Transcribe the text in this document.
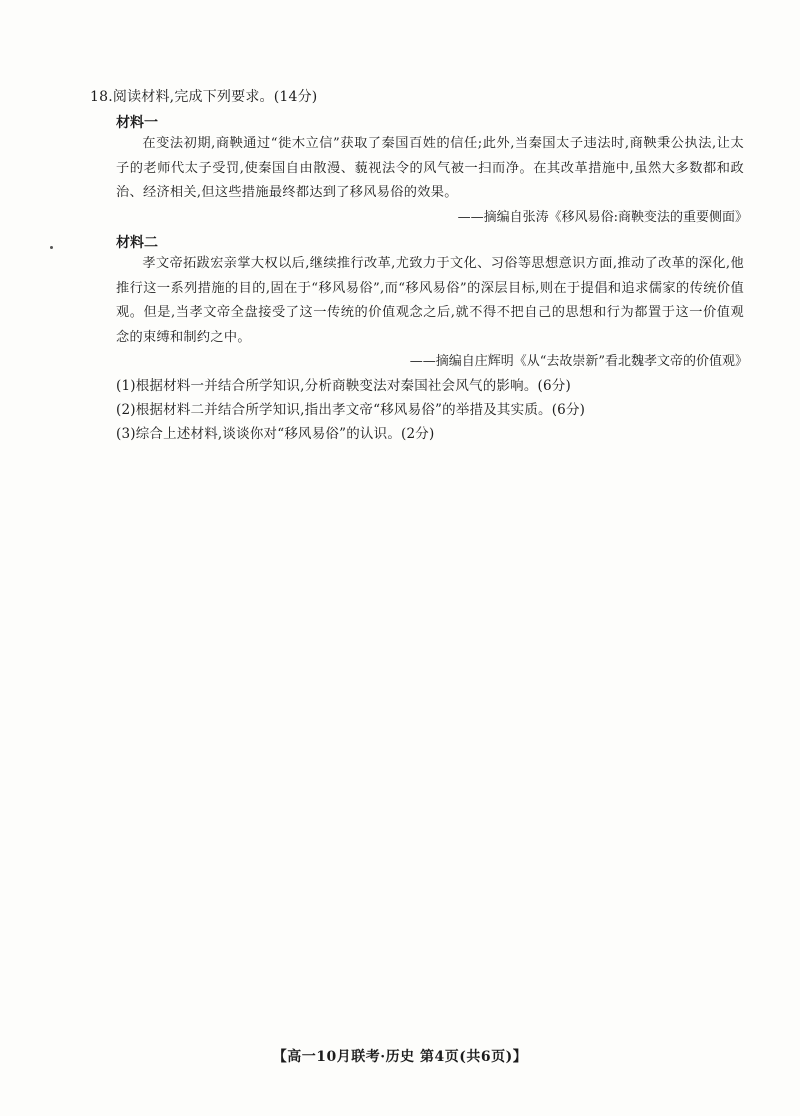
18.阅读材料,完成下列要求。(14分)
材料一
在变法初期,商鞅通过“徙木立信”获取了秦国百姓的信任;此外,当秦国太子违法时,商鞅秉公执法,让太子的老师代太子受罚,使秦国自由散漫、藐视法令的风气被一扫而净。在其改革措施中,虽然大多数都和政治、经济相关,但这些措施最终都达到了移风易俗的效果。
——摘编自张涛《移风易俗:商鞅变法的重要侧面》
材料二
孝文帝拓跋宏亲掌大权以后,继续推行改革,尤致力于文化、习俗等思想意识方面,推动了改革的深化,他推行这一系列措施的目的,固在于“移风易俗”,而“移风易俗”的深层目标,则在于提倡和追求儒家的传统价值观。但是,当孝文帝全盘接受了这一传统的价值观念之后,就不得不把自己的思想和行为都置于这一价值观念的束缚和制约之中。
——摘编自庄辉明《从“去故崇新”看北魏孝文帝的价值观》
(1)根据材料一并结合所学知识,分析商鞅变法对秦国社会风气的影响。(6分)
(2)根据材料二并结合所学知识,指出孝文帝“移风易俗”的举措及其实质。(6分)
(3)综合上述材料,谈谈你对“移风易俗”的认识。(2分)
【高一10月联考·历史 第4页(共6页)】
